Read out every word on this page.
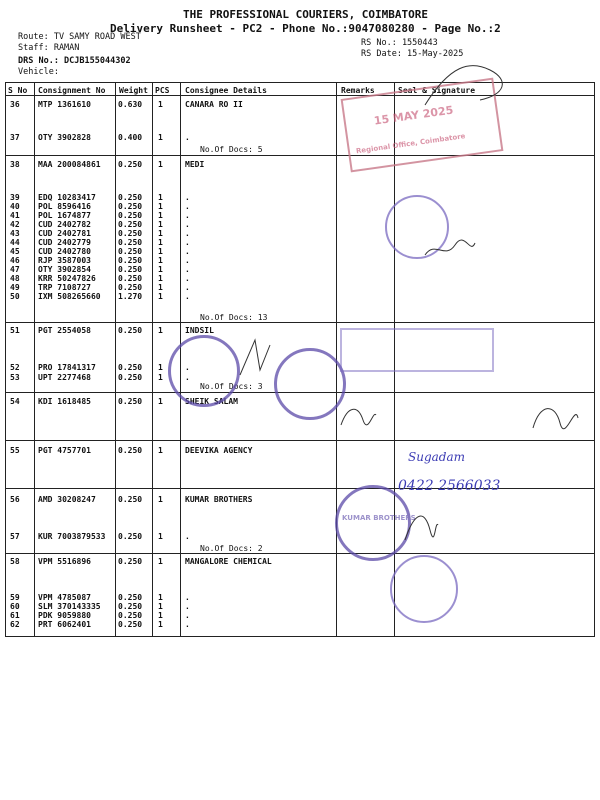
THE PROFESSIONAL COURIERS, COIMBATORE
Delivery Runsheet - PC2 - Phone No.:9047080280 - Page No.:2
Route: TV SAMY ROAD WEST
Staff: RAMAN
DRS No.: DCJB155044302
Vehicle:
RS No.: 1550443
RS Date: 15-May-2025
S No Consignment No Weight PCS Consignee Details	Remarks	Seal & Signature
36 MTP 1361610	0.630 1	CANARA RO II
37 OTY 3902828	0.400 1	.
38 MAA 200084861 0.250 1	MEDI
39 EDQ 10283417	0.250 1	.
40 POL 8596416	0.250 1	.
41 POL 1674877	0.250 1	.
42 CUD 2402782	0.250 1	.
43 CUD 2402781	0.250 1	.
44 CUD 2402779	0.250 1	.
45 CUD 2402780	0.250 1	.
46 RJP 3587003	0.250 1	.
47 OTY 3902854	0.250 1	.
48 KRR 50247826	0.250 1	.
49 TRP 7108727	0.250 1	.
50 IXM 508265660 1.270 1	.
51 PGT 2554058	0.250 1	INDSIL
52 PRO 17841317	0.250 1	.
53 UPT 2277468	0.250 1	.
54 KDI 1618485	0.250 1	SHEIK SALAM
55 PGT 4757701	0.250 1	DEEVIKA AGENCY
56 AMD 30208247	0.250 1	KUMAR BROTHERS
57 KUR 7003879533 0.250 1	.
58 VPM 5516896	0.250 1	MANGALORE CHEMICAL
59 VPM 4785087	0.250 1	.
60 SLM 370143335 0.250 1	.
61 PDK 9059880	0.250 1	.
62 PRT 6062401	0.250 1	.
No.Of Docs: 5
No.Of Docs: 13
No.Of Docs: 3
No.Of Docs: 2
15 MAY 2025
Regional Office, Coimbatore
Sugadam
0422 2566033
KUMAR BROTHERS
